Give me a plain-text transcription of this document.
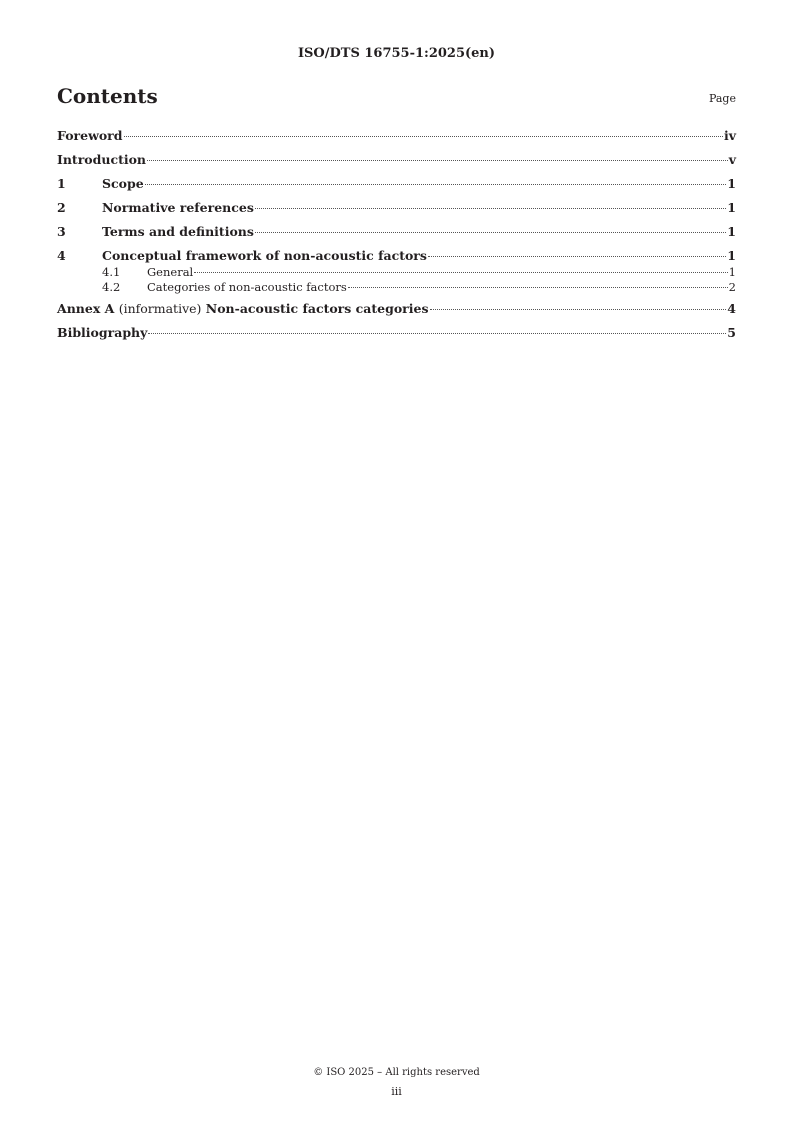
ISO/DTS 16755-1:2025(en)
Contents	Page
Foreword	iv
Introduction	v
1	Scope	1
2	Normative references	1
3	Terms and definitions	1
4	Conceptual framework of non-acoustic factors	1
4.1	General	1
4.2	Categories of non-acoustic factors	2
Annex A (informative) Non-acoustic factors categories	4
Bibliography	5
© ISO 2025 – All rights reserved
iii
